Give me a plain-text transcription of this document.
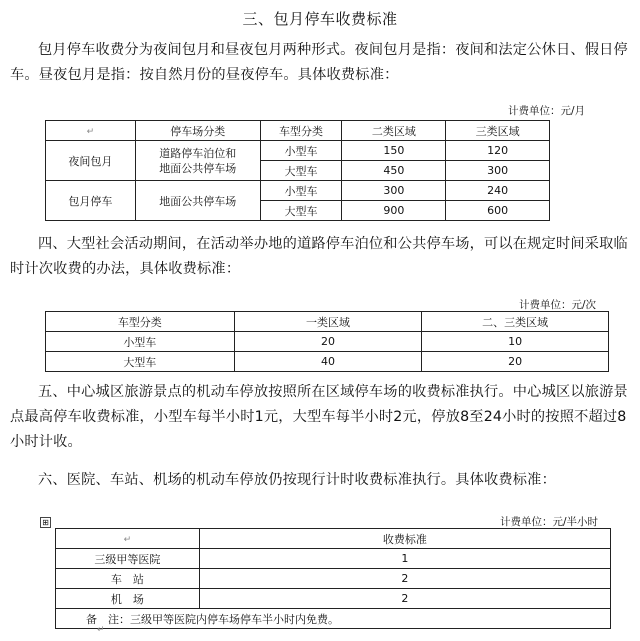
三、包月停车收费标准
包月停车收费分为夜间包月和昼夜包月两种形式。夜间包月是指：夜间和法定公休日、假日停车。昼夜包月是指：按自然月份的昼夜停车。具体收费标准：
计费单位：元/月
↵	停车场分类	车型分类	二类区域	三类区域	
夜间包月	道路停车泊位和地面公共停车场	小型车	150	120	
		大型车	450	300	
包月停车	地面公共停车场	小型车	300	240	
		大型车	900	600	
四、大型社会活动期间，在活动举办地的道路停车泊位和公共停车场，可以在规定时间采取临时计次收费的办法，具体收费标准：
计费单位：元/次
车型分类	一类区域	二、三类区域
小型车	20	10
大型车	40	20
五、中心城区旅游景点的机动车停放按照所在区域停车场的收费标准执行。中心城区以旅游景点最高停车收费标准，小型车每半小时1元，大型车每半小时2元，停放8至24小时的按照不超过8小时计收。
六、医院、车站、机场的机动车停放仍按现行计时收费标准执行。具体收费标准：
⊞	计费单位：元/半小时
↵	收费标准
三级甲等医院	1
车　站	2
机　场	2
备　注：三级甲等医院内停车场停车半小时内免费。	
↵
